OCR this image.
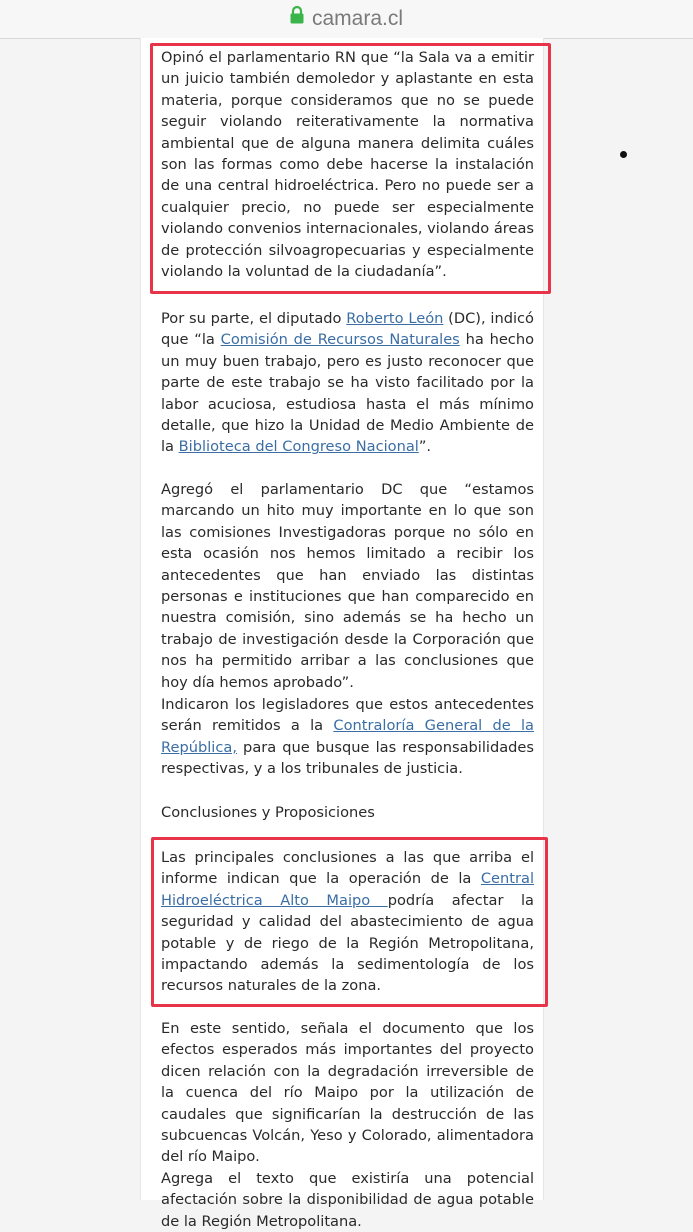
camara.cl

Opinó el parlamentario RN que “la Sala va a emitir un juicio también demoledor y aplastante en esta materia, porque consideramos que no se puede seguir violando reiterativamente la normativa ambiental que de alguna manera delimita cuáles son las formas como debe hacerse la instalación de una central hidroeléctrica. Pero no puede ser a cualquier precio, no puede ser especialmente violando convenios internacionales, violando áreas de protección silvoagropecuarias y especialmente violando la voluntad de la ciudadanía”.

Por su parte, el diputado Roberto León (DC), indicó que “la Comisión de Recursos Naturales ha hecho un muy buen trabajo, pero es justo reconocer que parte de este trabajo se ha visto facilitado por la labor acuciosa, estudiosa hasta el más mínimo detalle, que hizo la Unidad de Medio Ambiente de la Biblioteca del Congreso Nacional”.

Agregó el parlamentario DC que “estamos marcando un hito muy importante en lo que son las comisiones Investigadoras porque no sólo en esta ocasión nos hemos limitado a recibir los antecedentes que han enviado las distintas personas e instituciones que han comparecido en nuestra comisión, sino además se ha hecho un trabajo de investigación desde la Corporación que nos ha permitido arribar a las conclusiones que hoy día hemos aprobado”.

Indicaron los legisladores que estos antecedentes serán remitidos a la Contraloría General de la República, para que busque las responsabilidades respectivas, y a los tribunales de justicia.

Conclusiones y Proposiciones

Las principales conclusiones a las que arriba el informe indican que la operación de la Central Hidroeléctrica Alto Maipo podría afectar la seguridad y calidad del abastecimiento de agua potable y de riego de la Región Metropolitana, impactando además la sedimentología de los recursos naturales de la zona.

En este sentido, señala el documento que los efectos esperados más importantes del proyecto dicen relación con la degradación irreversible de la cuenca del río Maipo por la utilización de caudales que significarían la destrucción de las subcuencas Volcán, Yeso y Colorado, alimentadora del río Maipo.

Agrega el texto que existiría una potencial afectación sobre la disponibilidad de agua potable de la Región Metropolitana.
